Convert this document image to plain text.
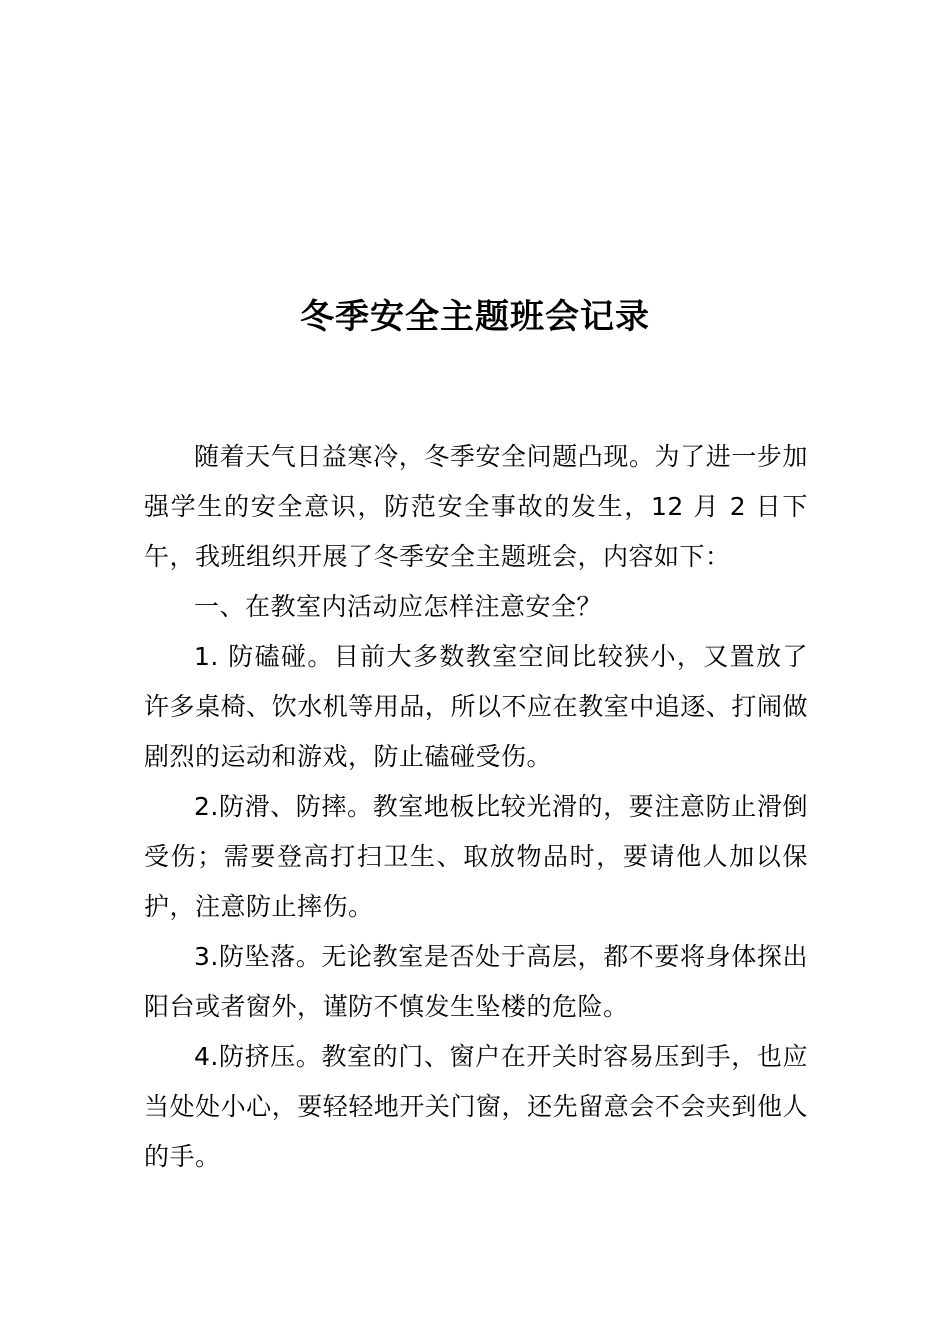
冬季安全主题班会记录

随着天气日益寒冷，冬季安全问题凸现。为了进一步加强学生的安全意识，防范安全事故的发生，12 月 2 日下午，我班组织开展了冬季安全主题班会，内容如下：

一、在教室内活动应怎样注意安全？

1. 防磕碰。目前大多数教室空间比较狭小，又置放了许多桌椅、饮水机等用品，所以不应在教室中追逐、打闹做剧烈的运动和游戏，防止磕碰受伤。

2.防滑、防摔。教室地板比较光滑的，要注意防止滑倒受伤；需要登高打扫卫生、取放物品时，要请他人加以保护，注意防止摔伤。

3.防坠落。无论教室是否处于高层，都不要将身体探出阳台或者窗外，谨防不慎发生坠楼的危险。

4.防挤压。教室的门、窗户在开关时容易压到手，也应当处处小心，要轻轻地开关门窗，还先留意会不会夹到他人的手。
